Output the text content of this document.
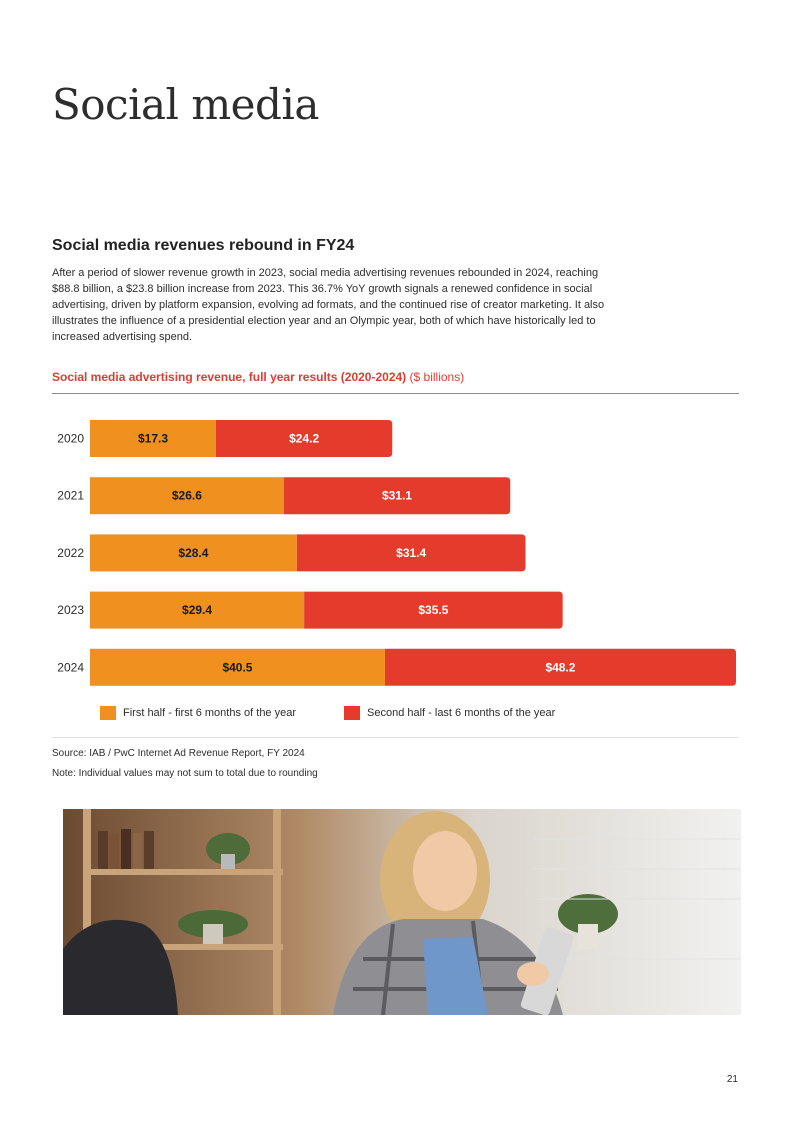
Social media
Social media revenues rebound in FY24

After a period of slower revenue growth in 2023, social media advertising revenues rebounded in 2024, reaching $88.8 billion, a $23.8 billion increase from 2023. This 36.7% YoY growth signals a renewed confidence in social advertising, driven by platform expansion, evolving ad formats, and the continued rise of creator marketing. It also illustrates the influence of a presidential election year and an Olympic year, both of which have historically led to increased advertising spend.

Social media advertising revenue, full year results (2020-2024) ($ billions)
2020	$17.3	$24.2
2021	$26.6	$31.1
2022	$28.4	$31.4
2023	$29.4	$35.5
2024	$40.5	$48.2
First half - first 6 months of the year	Second half - last 6 months of the year
Source: IAB / PwC Internet Ad Revenue Report, FY 2024
Note: Individual values may not sum to total due to rounding
21
